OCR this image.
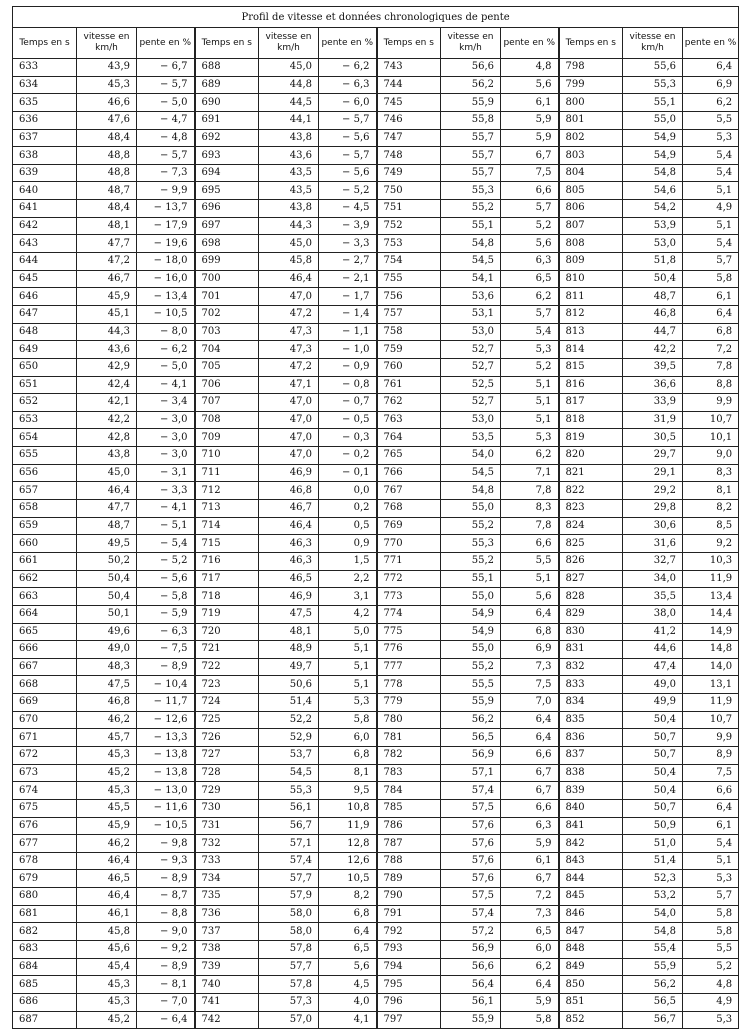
Profil de vitesse et données chronologiques de pente											
Temps en s	vitesse en km/h	pente en %	Temps en s	vitesse en km/h	pente en %	Temps en s	vitesse en km/h	pente en %	Temps en s	vitesse en km/h	pente en %
633	43,9	− 6,7	688	45,0	− 6,2	743	56,6	4,8	798	55,6	6,4
634	45,3	− 5,7	689	44,8	− 6,3	744	56,2	5,6	799	55,3	6,9
635	46,6	− 5,0	690	44,5	− 6,0	745	55,9	6,1	800	55,1	6,2
636	47,6	− 4,7	691	44,1	− 5,7	746	55,8	5,9	801	55,0	5,5
637	48,4	− 4,8	692	43,8	− 5,6	747	55,7	5,9	802	54,9	5,3
638	48,8	− 5,7	693	43,6	− 5,7	748	55,7	6,7	803	54,9	5,4
639	48,8	− 7,3	694	43,5	− 5,6	749	55,7	7,5	804	54,8	5,4
640	48,7	− 9,9	695	43,5	− 5,2	750	55,3	6,6	805	54,6	5,1
641	48,4	− 13,7	696	43,8	− 4,5	751	55,2	5,7	806	54,2	4,9
642	48,1	− 17,9	697	44,3	− 3,9	752	55,1	5,2	807	53,9	5,1
643	47,7	− 19,6	698	45,0	− 3,3	753	54,8	5,6	808	53,0	5,4
644	47,2	− 18,0	699	45,8	− 2,7	754	54,5	6,3	809	51,8	5,7
645	46,7	− 16,0	700	46,4	− 2,1	755	54,1	6,5	810	50,4	5,8
646	45,9	− 13,4	701	47,0	− 1,7	756	53,6	6,2	811	48,7	6,1
647	45,1	− 10,5	702	47,2	− 1,4	757	53,1	5,7	812	46,8	6,4
648	44,3	− 8,0	703	47,3	− 1,1	758	53,0	5,4	813	44,7	6,8
649	43,6	− 6,2	704	47,3	− 1,0	759	52,7	5,3	814	42,2	7,2
650	42,9	− 5,0	705	47,2	− 0,9	760	52,7	5,2	815	39,5	7,8
651	42,4	− 4,1	706	47,1	− 0,8	761	52,5	5,1	816	36,6	8,8
652	42,1	− 3,4	707	47,0	− 0,7	762	52,7	5,1	817	33,9	9,9
653	42,2	− 3,0	708	47,0	− 0,5	763	53,0	5,1	818	31,9	10,7
654	42,8	− 3,0	709	47,0	− 0,3	764	53,5	5,3	819	30,5	10,1
655	43,8	− 3,0	710	47,0	− 0,2	765	54,0	6,2	820	29,7	9,0
656	45,0	− 3,1	711	46,9	− 0,1	766	54,5	7,1	821	29,1	8,3
657	46,4	− 3,3	712	46,8	0,0	767	54,8	7,8	822	29,2	8,1
658	47,7	− 4,1	713	46,7	0,2	768	55,0	8,3	823	29,8	8,2
659	48,7	− 5,1	714	46,4	0,5	769	55,2	7,8	824	30,6	8,5
660	49,5	− 5,4	715	46,3	0,9	770	55,3	6,6	825	31,6	9,2
661	50,2	− 5,2	716	46,3	1,5	771	55,2	5,5	826	32,7	10,3
662	50,4	− 5,6	717	46,5	2,2	772	55,1	5,1	827	34,0	11,9
663	50,4	− 5,8	718	46,9	3,1	773	55,0	5,6	828	35,5	13,4
664	50,1	− 5,9	719	47,5	4,2	774	54,9	6,4	829	38,0	14,4
665	49,6	− 6,3	720	48,1	5,0	775	54,9	6,8	830	41,2	14,9
666	49,0	− 7,5	721	48,9	5,1	776	55,0	6,9	831	44,6	14,8
667	48,3	− 8,9	722	49,7	5,1	777	55,2	7,3	832	47,4	14,0
668	47,5	− 10,4	723	50,6	5,1	778	55,5	7,5	833	49,0	13,1
669	46,8	− 11,7	724	51,4	5,3	779	55,9	7,0	834	49,9	11,9
670	46,2	− 12,6	725	52,2	5,8	780	56,2	6,4	835	50,4	10,7
671	45,7	− 13,3	726	52,9	6,0	781	56,5	6,4	836	50,7	9,9
672	45,3	− 13,8	727	53,7	6,8	782	56,9	6,6	837	50,7	8,9
673	45,2	− 13,8	728	54,5	8,1	783	57,1	6,7	838	50,4	7,5
674	45,3	− 13,0	729	55,3	9,5	784	57,4	6,7	839	50,4	6,6
675	45,5	− 11,6	730	56,1	10,8	785	57,5	6,6	840	50,7	6,4
676	45,9	− 10,5	731	56,7	11,9	786	57,6	6,3	841	50,9	6,1
677	46,2	− 9,8	732	57,1	12,8	787	57,6	5,9	842	51,0	5,4
678	46,4	− 9,3	733	57,4	12,6	788	57,6	6,1	843	51,4	5,1
679	46,5	− 8,9	734	57,7	10,5	789	57,6	6,7	844	52,3	5,3
680	46,4	− 8,7	735	57,9	8,2	790	57,5	7,2	845	53,2	5,7
681	46,1	− 8,8	736	58,0	6,8	791	57,4	7,3	846	54,0	5,8
682	45,8	− 9,0	737	58,0	6,4	792	57,2	6,5	847	54,8	5,8
683	45,6	− 9,2	738	57,8	6,5	793	56,9	6,0	848	55,4	5,5
684	45,4	− 8,9	739	57,7	5,6	794	56,6	6,2	849	55,9	5,2
685	45,3	− 8,1	740	57,8	4,5	795	56,4	6,4	850	56,2	4,8
686	45,3	− 7,0	741	57,3	4,0	796	56,1	5,9	851	56,5	4,9
687	45,2	− 6,4	742	57,0	4,1	797	55,9	5,8	852	56,7	5,3
